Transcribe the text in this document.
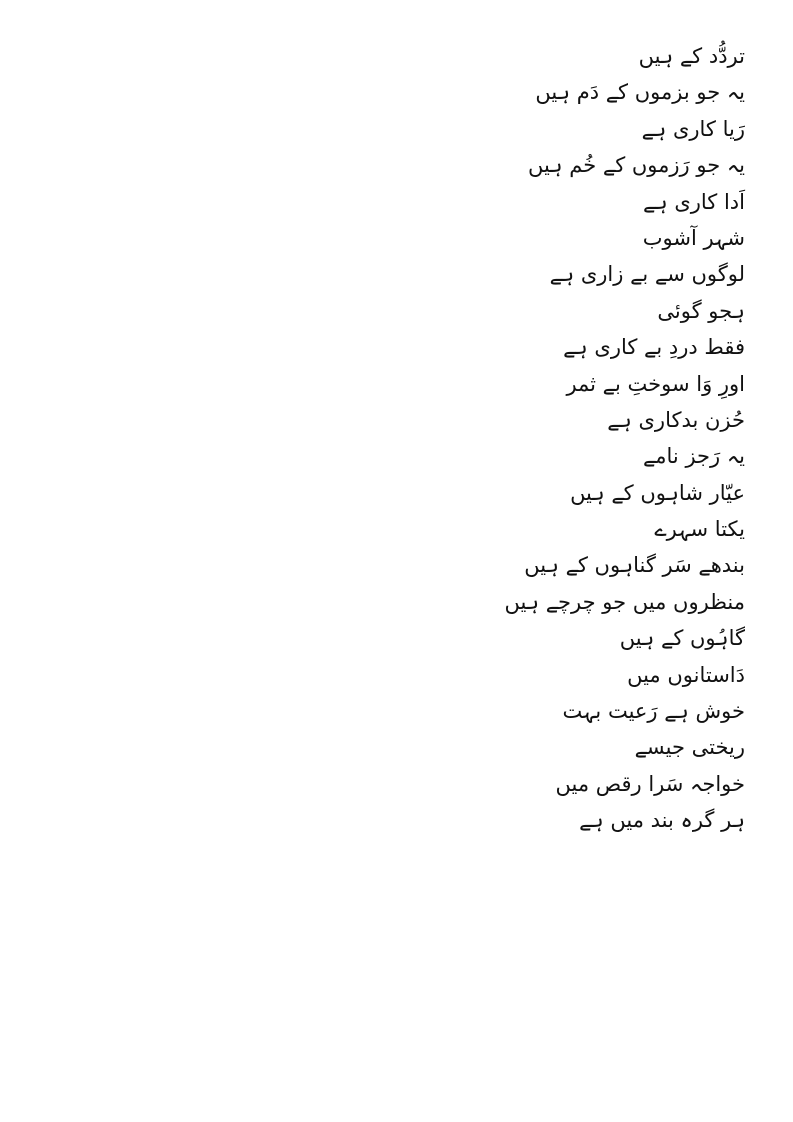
تردُّد کے ہیں
یہ جو بزموں کے دَم ہیں
رَیا کاری ہے
یہ جو رَزموں کے خُم ہیں
اَدا کاری ہے
شہر آشوب
لوگوں سے بے زاری ہے
ہجو گوئی
فقط دردِ بے کاری ہے
اورِ وَا سوختِ بے ثمر
حُزن بدکاری ہے
یہ رَجز نامے
عیّار شاہوں کے ہیں
یکتا سہرے
بندھے سَر گناہوں کے ہیں
منظروں میں جو چرچے ہیں
گاہُوں کے ہیں
دَاستانوں میں
خوش ہے رَعیت بہت
ریختی جیسے
خواجہ سَرا رقص میں
ہر گرہ بند میں ہے
